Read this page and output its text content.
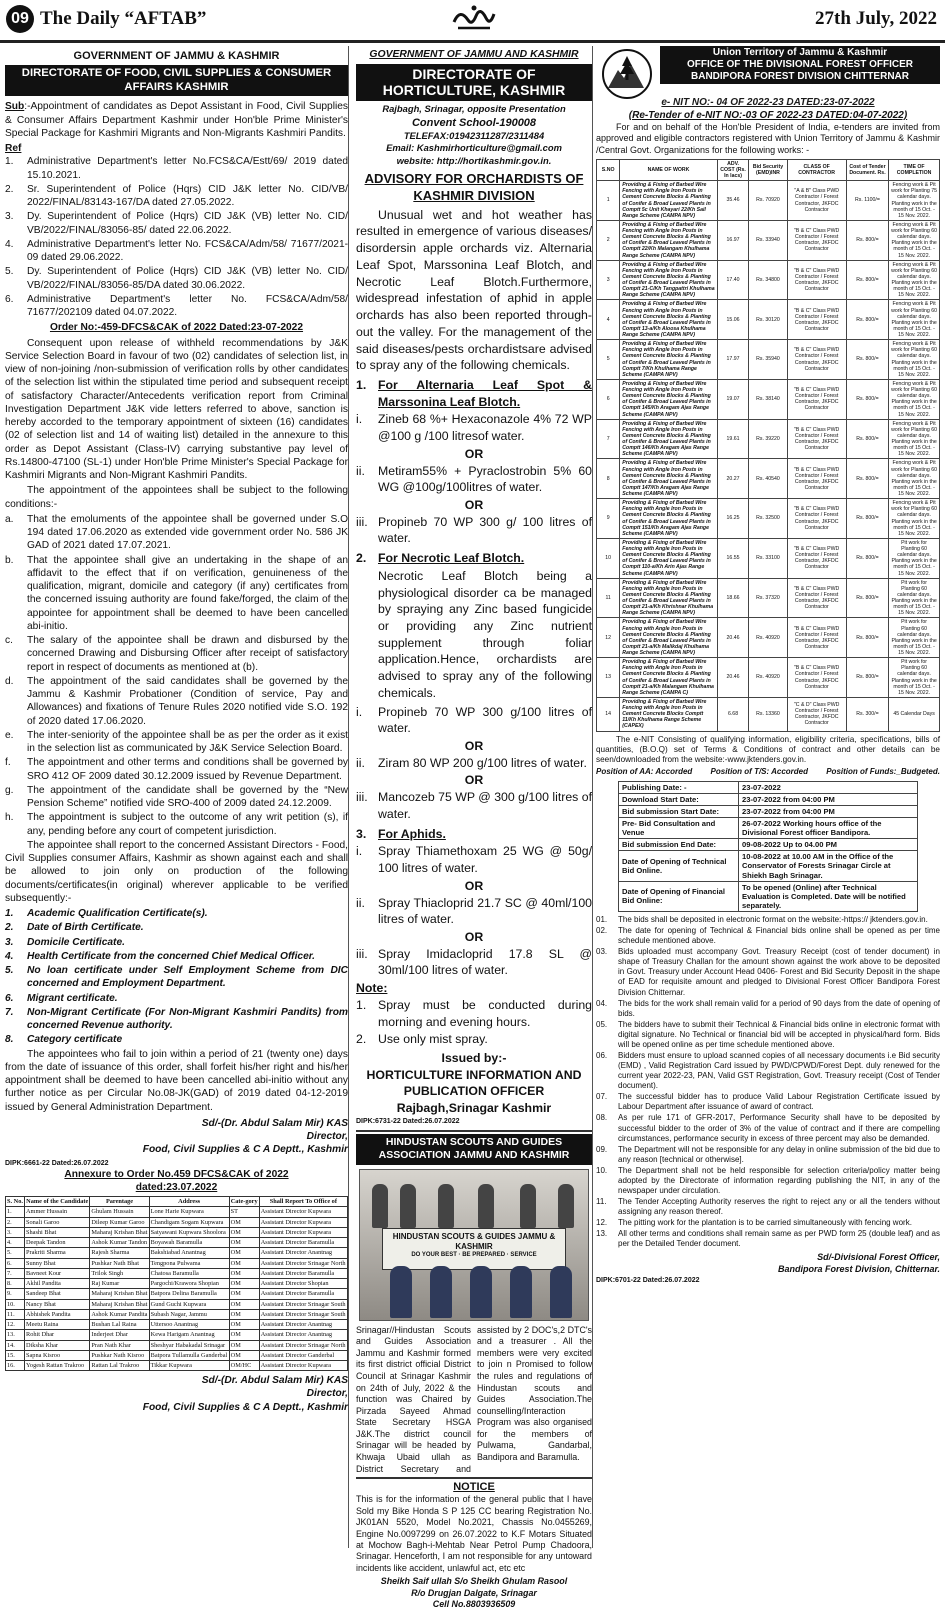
09 The Daily “AFTAB”	27th July, 2022
GOVERNMENT OF JAMMU & KASHMIR
DIRECTORATE OF FOOD, CIVIL SUPPLIES & CONSUMER AFFAIRS KASHMIR

Sub:-Appointment of candidates as Depot Assistant in Food, Civil Supplies & Consumer Affairs Department Kashmir under Hon'ble Prime Minister's Special Package for Kashmiri Migrants and Non-Migrants Kashmiri Pandits.

Ref
1.	Administrative Department's letter No.FCS&CA/Estt/69/ 2019 dated 15.10.2021.
2.	Sr. Superintendent of Police (Hqrs) CID J&K letter No. CID/VB/ 2022/FINAL/83143-167/DA dated 27.05.2022.
3.	Dy. Superintendent of Police (Hqrs) CID J&K (VB) letter No. CID/ VB/2022/FINAL/83056-85/ dated 22.06.2022.
4.	Administrative Department's letter No. FCS&CA/Adm/58/ 71677/2021-09 dated 29.06.2022.
5.	Dy. Superintendent of Police (Hqrs) CID J&K (VB) letter No. CID/ VB/2022/FINAL/83056-85/DA dated 30.06.2022.
6.	Administrative Department's letter No. FCS&CA/Adm/58/ 71677/202109 dated 04.07.2022.
Order No:-459-DFCS&CAK of 2022 Dated:23-07-2022

Consequent upon release of withheld recommendations by J&K Service Selection Board in favour of two (02) candidates of selection list, in view of non-joining /non-submission of verification rolls by other candidates of the selection list within the stipulated time period and subsequent receipt of satisfactory Character/Antecedents verification report from Criminal Investigation Department J&K vide letters referred to above, sanction is hereby accorded to the temporary appointment of sixteen (16) candidates (02 of selection list and 14 of waiting list) detailed in the annexure to this order as Depot Assistant (Class-IV) carrying substantive pay level of Rs.14800-47100 (SL-1) under Hon'ble Prime Minister's Special Package for Kashmiri Migrants and Non-Migrant Kashmiri Pandits.

The appointment of the appointees shall be subject to the following conditions:-

a.	That the emoluments of the appointee shall be governed under S.O 194 dated 17.06.2020 as extended vide government order No. 586 JK GAD of 2021 dated 17.07.2021.
b.	That the appointee shall give an undertaking in the shape of an affidavit to the effect that if on verification, genuineness of the qualification, migrant, domicile and category (if any) certificates from the concerned issuing authority are found fake/forged, the claim of the appointee for appointment shall be deemed to have been cancelled abi-initio.
c.	The salary of the appointee shall be drawn and disbursed by the concerned Drawing and Disbursing Officer after receipt of satisfactory report in respect of documents as mentioned at (b).
d.	The appointment of the said candidates shall be governed by the Jammu & Kashmir Probationer (Condition of service, Pay and Allowances) and fixations of Tenure Rules 2020 notified vide S.O. 192 of 2020 dated 17.06.2020.
e.	The inter-seniority of the appointee shall be as per the order as it exist in the selection list as communicated by J&K Service Selection Board.
f.	The appointment and other terms and conditions shall be governed by SRO 412 OF 2009 dated 30.12.2009 issued by Revenue Department.
g.	The appointment of the candidate shall be governed by the “New Pension Scheme” notified vide SRO-400 of 2009 dated 24.12.2009.
h.	The appointment is subject to the outcome of any writ petition (s), if any, pending before any court of competent jurisdiction.

The appointee shall report to the concerned Assistant Directors - Food, Civil Supplies consumer Affairs, Kashmir as shown against each and shall be allowed to join only on production of the following documents/certificates(in original) wherever applicable to be verified subsequently:-

1.	Academic Qualification Certificate(s).
2.	Date of Birth Certificate.
3.	Domicile Certificate.
4.	Health Certificate from the concerned Chief Medical Officer.
5.	No loan certificate under Self Employment Scheme from DIC concerned and Employment Department.
6.	Migrant certificate.
7.	Non-Migrant Certificate (For Non-Migrant Kashmiri Pandits) from concerned Revenue authority.
8.	Category certificate

The appointees who fail to join within a period of 21 (twenty one) days from the date of issuance of this order, shall forfeit his/her right and his/her appointment shall be deemed to have been cancelled abi-initio without any further notice as per Circular No.08-JK(GAD) of 2019 dated 04-12-2019 issued by General Administration Department.

Sd/-(Dr. Abdul Salam Mir) KAS
Director,
Food, Civil Supplies & C A Deptt., Kashmir
DIPK:6661-22 Dated:26.07.2022
Annexure to Order No.459 DFCS&CAK of 2022
dated:23.07.2022
S. No.	Name of the Candidate	Parentage	Address	Cate-gory	Shall Report To Office of
1.	Ammer Hussain	Ghulam Hussain	Lone Harie Kupwara	ST	Assistant Director Kupwara
2.	Sonali Garoo	Dileep Kumar Garoo	Chandigam Sogam Kupwara	OM	Assistant Director Kupwara
3.	Shashi Bhat	Maharaj Krishan Bhat	Satyawani Kupwara Shoolora	OM	Assistant Director Kupwara
4.	Deepak Tandon	Ashok Kumar Tandon	Boyawah Baramulla	OM	Assistant Director Baramulla
5.	Prakriti Sharma	Rajesh Sharma	Bakshiabad Anantnag	OM	Assistant Director Anantnag
6.	Sunny Bhat	Pushkar Nath Bhat	Tengpona Pulwama	OM	Assistant Director Srinagar North
7.	Bavneet Kour	Trilok Singh	Chatosa Baramulla	OM	Assistant Director Baramulla
8.	Akhil Pandita	Raj Kumar	Pargochi/Krawora Shopian	OM	Assistant Director Shopian
9.	Sandeep Bhat	Maharaj Krishan Bhat	Batpora Delina Baramulla	OM	Assistant Director Baramulla
10.	Nancy Bhat	Maharaj Krishan Bhat	Gund Guchi Kupwara	OM	Assistant Director Srinagar South
11.	Abhishek Pandita	Ashok Kumar Pandita	Subash Nagar, Jammu	OM	Assistant Director Srinagar South
12.	Meetu Raina	Bushan Lal Raina	Uttersoo Anantnag	OM	Assistant Director Anantnag
13.	Rohit Dhar	Inderjeet Dhar	Kewa Harigam Anantnag	OM	Assistant Director Anantnag
14.	Diksha Khar	Pran Nath Khar	Sheshyar Habakadal Srinagar	OM	Assistant Director Srinagar North
15.	Sapna Kisroo	Pushkar Nath Kisroo	Batpora Tullamulla Ganderbal	OM	Assistant Director Ganderbal
16.	Yogesh Rattan Trakroo	Rattan Lal Trakroo	Tikkar Kupwara	OM/HC	Assistant Director Kupwara
Sd/-(Dr. Abdul Salam Mir) KAS
Director,
Food, Civil Supplies & C A Deptt., Kashmir
GOVERNMENT OF JAMMU AND KASHMIR
DIRECTORATE OF HORTICULTURE, KASHMIR
Rajbagh, Srinagar, opposite Presentation
Convent School-190008
TELEFAX:01942311287/2311484
Email: Kashmirhorticulture@gmail.com
website: http://hortikashmir.gov.in.
ADVISORY FOR ORCHARDISTS OF KASHMIR DIVISION

Unusual wet and hot weather has resulted in emergence of various diseases/ disordersin apple orchards viz. Alternaria Leaf Spot, Marssonina Leaf Blotch, and Necrotic Leaf Blotch.Furthermore, widespread infestation of aphid in apple orchards has also been reported through-out the valley. For the management of the said diseases/pests orchardistsare advised to spray any of the following chemicals.

1. For Alternaria Leaf Spot & Marssonina Leaf Blotch.
i.	Zineb 68 %+ Hexaconazole 4% 72 WP @100 g /100 litresof water.
OR
ii.	Metiram55% + Pyraclostrobin 5% 60 WG @100g/100litres of water.
OR
iii. Propineb 70 WP 300 g/ 100 litres of water.
2. For Necrotic Leaf Blotch.

Necrotic Leaf Blotch being a physiological disorder ca be managed by spraying any Zinc based fungicide or providing any Zinc nutrient supplement through foliar application.Hence, orchardists are advised to spray any of the following chemicals.

i.	Propineb 70 WP 300 g/100 litres of water.
OR
ii.	Ziram 80 WP 200 g/100 litres of water.
OR
iii. Mancozeb 75 WP @ 300 g/100 litres of water.
3. For Aphids.
i.	Spray Thiamethoxam 25 WG @ 50g/ 100 litres of water.
OR
ii.	Spray Thiacloprid 21.7 SC @ 40ml/100 litres of water.
OR
iii. Spray Imidacloprid 17.8 SL @ 30ml/100 litres of water.
Note:
1. Spray must be conducted during morning and evening hours.
2. Use only mist spray.
Issued by:-
HORTICULTURE INFORMATION AND PUBLICATION OFFICER
Rajbagh,Srinagar Kashmir
DIPK:6731-22 Dated:26.07.2022
HINDUSTAN SCOUTS AND GUIDES ASSOCIATION JAMMU AND KASHMIR
HINDUSTAN SCOUTS & GUIDES JAMMU & KASHMIR
DO YOUR BEST · BE PREPARED · SERVICE

Srinagar//Hindustan Scouts and Guides Association Jammu and Kashmir formed its first district official District Council at Srinagar Kashmir on 24th of July, 2022 & the function was Chaired by Pirzada Sayeed Ahmad State Secretary HSGA J&K.The district council Srinagar will be headed by Khwaja Ubaid ullah as District Secretary and assisted by 2 DOC's,2 DTC's and a treasurer . All the members were very excited to join n Promised to follow the rules and regulations of Hindustan scouts and Guides Association.The counselling/Interaction Program was also organised for the members of Pulwama, Gandarbal, Bandipora and Baramulla.

NOTICE

This is for the information of the general public that I have Sold my Bike Honda S P 125 CC bearing Registration No. JK01AN 5520, Model No.2021, Chassis No.0455269, Engine No.0097299 on 26.07.2022 to K.F Motars Situated at Mochow Bagh-i-Mehtab Near Petrol Pump Chadoora, Srinagar. Henceforth, I am not responsible for any untoward incidents like accident, unlawful act, etc etc

Sheikh Saif ullah S/o Sheikh Ghulam Rasool
R/o Drugjan Dalgate, Srinagar
Cell No.8803936509
Union Territory of Jammu & Kashmir
OFFICE OF THE DIVISIONAL FOREST OFFICER BANDIPORA FOREST DIVISION CHITTERNAR
e- NIT NO:- 04 OF 2022-23 DATED:23-07-2022
(Re-Tender of e-NIT NO:-03 OF 2022-23 DATED:04-07-2022)

For and on behalf of the Hon'ble President of India, e-tenders are invited from approved and eligible contractors registered with Union Territory of Jammu & Kashmir /Central Govt. Organizations for the following works: -

S.NO	NAME OF WORK	ADV. COST (Rs. In lacs)	Bid Security (EMD)INR	CLASS OF CONTRACTOR	Cost of Tender Document. Rs.	TIME OF COMPLETION
1	Providing & Fixing of Barbed Wire Fencing with Angle Iron Posts in Cement Concrete Blocks & Planting of Conifer & Broad Leaved Plants in Comptt 5c Unit Khayari 22/Kh Sail Range Scheme (CAMPA NPV)	35.46	Rs. 70920	"A & B" Class PWD Contractor / Forest Contractor, JKFDC Contractor	Rs. 1100/=	Fencing work & Pit work for Planting 75 calendar days. Planting work in the month of 15 Oct. - 15 Nov. 2022.
2	Providing & Fixing of Barbed Wire Fencing with Angle Iron Posts in Cement Concrete Blocks & Planting of Conifer & Broad Leaved Plants in Comptt 22/Kh Malangam Khulhama Range Scheme (CAMPA NPV)	16.97	Rs. 33940	"B & C" Class PWD Contractor / Forest Contractor, JKFDC Contractor	Rs. 800/=	Fencing work & Pit work for Planting 60 calendar days. Planting work in the month of 15 Oct. - 15 Nov. 2022.
3	Providing & Fixing of Barbed Wire Fencing with Angle Iron Posts in Cement Concrete Blocks & Planting of Conifer & Broad Leaved Plants in Comptt 21-C/Kh Tangpattri Khulhama Range Scheme (CAMPA NPV)	17.40	Rs. 34800	"B & C" Class PWD Contractor / Forest Contractor, JKFDC Contractor	Rs. 800/=	Fencing work & Pit work for Planting 60 calendar days. Planting work in the month of 15 Oct. - 15 Nov. 2022.
4	Providing & Fixing of Barbed Wire Fencing with Angle Iron Posts in Cement Concrete Blocks & Planting of Conifer & Broad Leaved Plants in Comptt 13-a/Kh Aloosa Khulhama Range Scheme (CAMPA NPV)	15.06	Rs. 30120	"B & C" Class PWD Contractor / Forest Contractor, JKFDC Contractor	Rs. 800/=	Fencing work & Pit work for Planting 60 calendar days. Planting work in the month of 15 Oct. - 15 Nov. 2022.
5	Providing & Fixing of Barbed Wire Fencing with Angle Iron Posts in Cement Concrete Blocks & Planting of Conifer & Broad Leaved Plants in Comptt 7/Kh Khulhama Range Scheme (CAMPA NPV)	17.97	Rs. 35940	"B & C" Class PWD Contractor / Forest Contractor, JKFDC Contractor	Rs. 800/=	Fencing work & Pit work for Planting 60 calendar days. Planting work in the month of 15 Oct. - 15 Nov. 2022.
6	Providing & Fixing of Barbed Wire Fencing with Angle Iron Posts in Cement Concrete Blocks & Planting of Conifer & Broad Leaved Plants in Comptt 145/Kh Aragam Ajas Range Scheme (CAMPA NPV)	19.07	Rs. 38140	"B & C" Class PWD Contractor / Forest Contractor, JKFDC Contractor	Rs. 800/=	Fencing work & Pit work for Planting 60 calendar days. Planting work in the month of 15 Oct. - 15 Nov. 2022.
7	Providing & Fixing of Barbed Wire Fencing with Angle Iron Posts in Cement Concrete Blocks & Planting of Conifer & Broad Leaved Plants in Comptt 146/Kh Aragam Ajas Range Scheme (CAMPA NPV)	19.61	Rs. 39220	"B & C" Class PWD Contractor / Forest Contractor, JKFDC Contractor	Rs. 800/=	Fencing work & Pit work for Planting 60 calendar days. Planting work in the month of 15 Oct. - 15 Nov. 2022.
8	Providing & Fixing of Barbed Wire Fencing with Angle Iron Posts in Cement Concrete Blocks & Planting of Conifer & Broad Leaved Plants in Comptt 147/Kh Aragam Ajas Range Scheme (CAMPA NPV)	20.27	Rs. 40540	"B & C" Class PWD Contractor / Forest Contractor, JKFDC Contractor	Rs. 800/=	Fencing work & Pit work for Planting 60 calendar days. Planting work in the month of 15 Oct. - 15 Nov. 2022.
9	Providing & Fixing of Barbed Wire Fencing with Angle Iron Posts in Cement Concrete Blocks & Planting of Conifer & Broad Leaved Plants in Comptt 151/Kh Aragam Ajas Range Scheme (CAMPA NPV)	16.25	Rs. 32500	"B & C" Class PWD Contractor / Forest Contractor, JKFDC Contractor	Rs. 800/=	Fencing work & Pit work for Planting 60 calendar days. Planting work in the month of 15 Oct. - 15 Nov. 2022.
10	Providing & Fixing of Barbed Wire Fencing with Angle Iron Posts in Cement Concrete Blocks & Planting of Conifer & Broad Leaved Plants in Comptt 110-a/Kh Arin Ajas Range Scheme (CAMPA NPV)	16.55	Rs. 33100	"B & C" Class PWD Contractor / Forest Contractor, JKFDC Contractor	Rs. 800/=	Pit work for Planting 60 calendar days. Planting work in the month of 15 Oct. - 15 Nov. 2022.
11	Providing & Fixing of Barbed Wire Fencing with Angle Iron Posts in Cement Concrete Blocks & Planting of Conifer & Broad Leaved Plants in Comptt 21-a/Kh Khrishnar Khulhama Range Scheme (CAMPA NPV)	18.66	Rs. 37320	"B & C" Class PWD Contractor / Forest Contractor, JKFDC Contractor	Rs. 800/=	Pit work for Planting 60 calendar days. Planting work in the month of 15 Oct. - 15 Nov. 2022.
12	Providing & Fixing of Barbed Wire Fencing with Angle Iron Posts in Cement Concrete Blocks & Planting of Conifer & Broad Leaved Plants in Comptt 21-a/Kh Malikdaj Khulhama Range Scheme (CAMPA NPV)	20.46	Rs. 40920	"B & C" Class PWD Contractor / Forest Contractor, JKFDC Contractor	Rs. 800/=	Pit work for Planting 60 calendar days. Planting work in the month of 15 Oct. - 15 Nov. 2022.
13	Providing & Fixing of Barbed Wire Fencing with Angle Iron Posts in Cement Concrete Blocks & Planting of Conifer & Broad Leaved Plants in Comptt 21-a/Kh Malangam Khulhama Range Scheme (CAMPA C)	20.46	Rs. 40920	"B & C" Class PWD Contractor / Forest Contractor, JKFDC Contractor	Rs. 800/=	Pit work for Planting 60 calendar days. Planting work in the month of 15 Oct. - 15 Nov. 2022.
14	Providing & Fixing of Barbed Wire Fencing with Angle Iron Posts in Cement Concrete Blocks Comptt 11/Kh Khulhama Range Scheme (CAPEX)	6.68	Rs. 13360	"C & D" Class PWD Contractor / Forest Contractor, JKFDC Contractor	Rs. 300/=	45 Calendar Days

The e-NIT Consisting of qualifying information, eligibility criteria, specifications, bills of quantities, (B.O.Q) set of Terms & Conditions of contract and other details can be seen/downloaded from the website:-www.jktenders.gov.in.

Position of AA: Accorded Position of T/S: Accorded Position of Funds:_Budgeted.
Publishing Date: -	23-07-2022
Download Start Date:	23-07-2022 from 04:00 PM
Bid submission Start Date:	23-07-2022 from 04:00 PM
Pre- Bid Consultation and Venue	26-07-2022 Working hours office of the Divisional Forest officer Bandipora.
Bid submission End Date:	09-08-2022 Up to 04.00 PM
Date of Opening of Technical Bid Online.	10-08-2022 at 10.00 AM in the Office of the Conservator of Forests Srinagar Circle at Shiekh Bagh Srinagar.
Date of Opening of Financial Bid Online:	To be opened (Online) after Technical Evaluation is Completed. Date will be notified separately.
01.	The bids shall be deposited in electronic format on the website:-https:// jktenders.gov.in.
02.	The date for opening of Technical & Financial bids online shall be opened as per time schedule mentioned above.
03.	Bids uploaded must accompany Govt. Treasury Receipt (cost of tender document) in shape of Treasury Challan for the amount shown against the work above to be deposited in Govt. Treasury under Account Head 0406- Forest and Bid Security Deposit in the shape of EAD for requisite amount and pledged to Divisional Forest Officer Bandipora Forest Division Chitternar.
04.	The bids for the work shall remain valid for a period of 90 days from the date of opening of bids.
05.	The bidders have to submit their Technical & Financial bids online in electronic format with digital signature. No Technical or financial bid will be accepted in physical/hard form. Bids will be opened online as per time schedule mentioned above.
06.	Bidders must ensure to upload scanned copies of all necessary documents i.e Bid security (EMD) , Valid Registration Card issued by PWD/CPWD/Forest Dept. duly renewed for the current year 2022-23, PAN, Valid GST Registration, Govt. Treasury receipt (Cost of Tender document).
07.	The successful bidder has to produce Valid Labour Registration Certificate issued by Labour Department after issuance of award of contract.
08.	As per rule 171 of GFR-2017, Performance Security shall have to be deposited by successful bidder to the order of 3% of the value of contract and if there are compelling circumstances, performance security in excess of three percent may also be demanded.
09.	The Department will not be responsible for any delay in online submission of the bid due to any reason [technical or otherwise].
10.	The Department shall not be held responsible for selection criteria/policy matter being adopted by the Directorate of information regarding publishing the NIT, in any of the newspaper under circulation.
11.	The Tender Accepting Authority reserves the right to reject any or all the tenders without assigning any reason thereof.
12.	The pitting work for the plantation is to be carried simultaneously with fencing work.
13.	All other terms and conditions shall remain same as per PWD form 25 (double leaf) and as per the Detailed Tender document.
Sd/-Divisional Forest Officer,
Bandipora Forest Division, Chitternar.
DIPK:6701-22 Dated:26.07.2022
